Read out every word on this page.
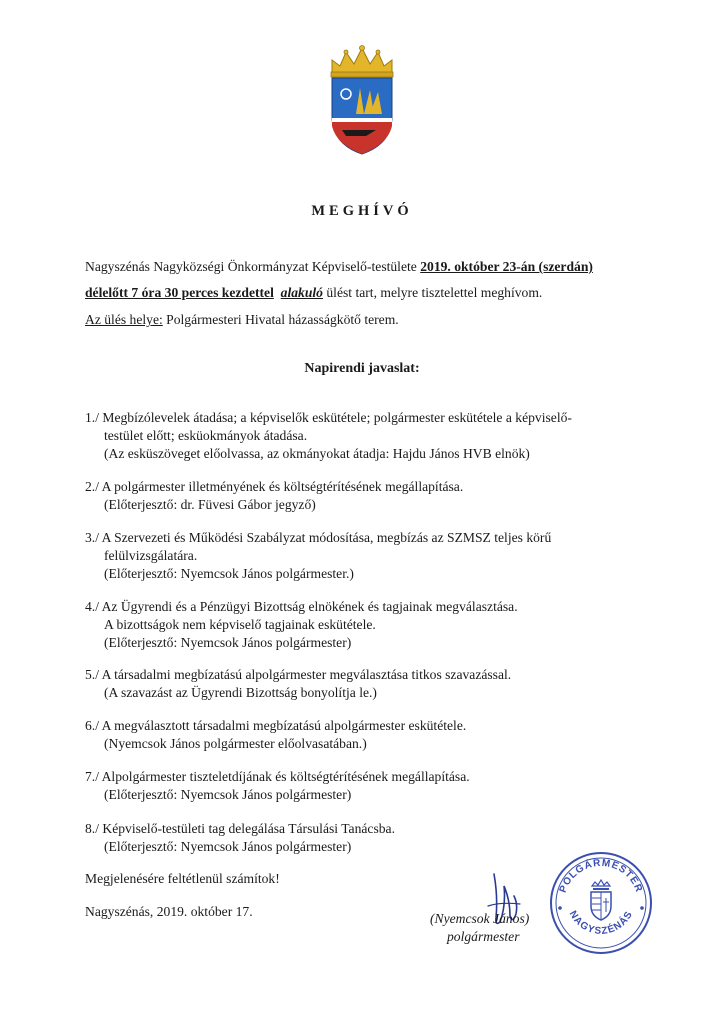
MEGHÍVÓ
Nagyszénás Nagyközségi Önkormányzat Képviselő-testülete 2019. október 23-án (szerdán)
délelőtt 7 óra 30 perces kezdettel alakuló ülést tart, melyre tisztelettel meghívom.
Az ülés helye: Polgármesteri Hivatal házasságkötő terem.
Napirendi javaslat:
1./ Megbízólevelek átadása; a képviselők eskütétele; polgármester eskütétele a képviselő-
testület előtt; esküokmányok átadása.
(Az esküszöveget előolvassa, az okmányokat átadja: Hajdu János HVB elnök)
2./ A polgármester illetményének és költségtérítésének megállapítása.
(Előterjesztő: dr. Füvesi Gábor jegyző)
3./ A Szervezeti és Működési Szabályzat módosítása, megbízás az SZMSZ teljes körű
felülvizsgálatára.
(Előterjesztő: Nyemcsok János polgármester.)
4./ Az Ügyrendi és a Pénzügyi Bizottság elnökének és tagjainak megválasztása.
A bizottságok nem képviselő tagjainak eskütétele.
(Előterjesztő: Nyemcsok János polgármester)
5./ A társadalmi megbízatású alpolgármester megválasztása titkos szavazással.
(A szavazást az Ügyrendi Bizottság bonyolítja le.)
6./ A megválasztott társadalmi megbízatású alpolgármester eskütétele.
(Nyemcsok János polgármester előolvasatában.)
7./ Alpolgármester tiszteletdíjának és költségtérítésének megállapítása.
(Előterjesztő: Nyemcsok János polgármester)
8./ Képviselő-testületi tag delegálása Társulási Tanácsba.
(Előterjesztő: Nyemcsok János polgármester)
Megjelenésére feltétlenül számítok!
Nagyszénás, 2019. október 17.	(Nyemcsok János)
polgármester
POLGÁRMESTER
NAGYSZÉNÁS
